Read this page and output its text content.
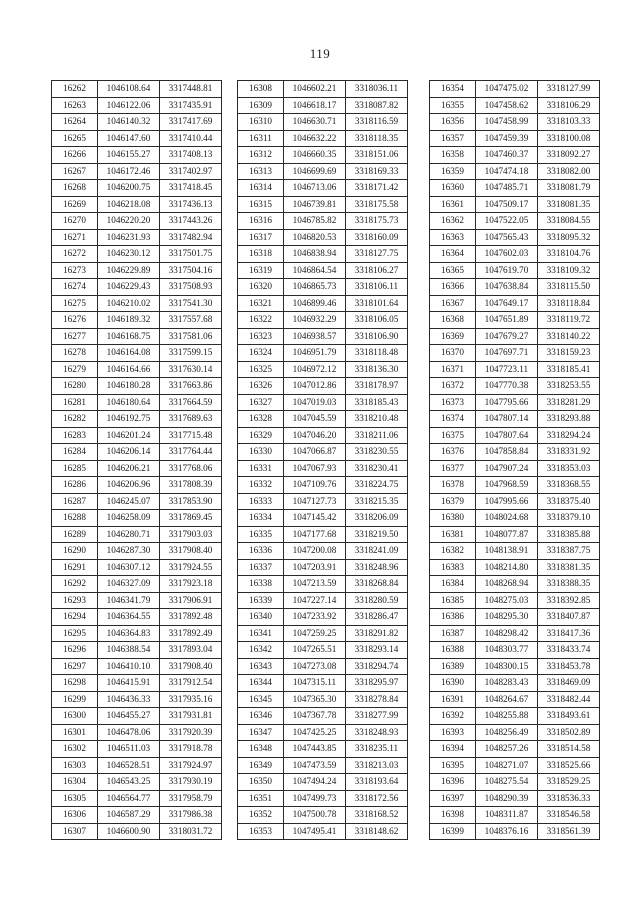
119
16262	1046108.64	3317448.81
16263	1046122.06	3317435.91
16264	1046140.32	3317417.69
16265	1046147.60	3317410.44
16266	1046155.27	3317408.13
16267	1046172.46	3317402.97
16268	1046200.75	3317418.45
16269	1046218.08	3317436.13
16270	1046220.20	3317443.26
16271	1046231.93	3317482.94
16272	1046230.12	3317501.75
16273	1046229.89	3317504.16
16274	1046229.43	3317508.93
16275	1046210.02	3317541.30
16276	1046189.32	3317557.68
16277	1046168.75	3317581.06
16278	1046164.08	3317599.15
16279	1046164.66	3317630.14
16280	1046180.28	3317663.86
16281	1046180.64	3317664.59
16282	1046192.75	3317689.63
16283	1046201.24	3317715.48
16284	1046206.14	3317764.44
16285	1046206.21	3317768.06
16286	1046206.96	3317808.39
16287	1046245.07	3317853.90
16288	1046258.09	3317869.45
16289	1046280.71	3317903.03
16290	1046287.30	3317908.40
16291	1046307.12	3317924.55
16292	1046327.09	3317923.18
16293	1046341.79	3317906.91
16294	1046364.55	3317892.48
16295	1046364.83	3317892.49
16296	1046388.54	3317893.04
16297	1046410.10	3317908.40
16298	1046415.91	3317912.54
16299	1046436.33	3317935.16
16300	1046455.27	3317931.81
16301	1046478.06	3317920.39
16302	1046511.03	3317918.78
16303	1046528.51	3317924.97
16304	1046543.25	3317930.19
16305	1046564.77	3317958.79
16306	1046587.29	3317986.38
16307	1046600.90	3318031.72
16308	1046602.21	3318036.11
16309	1046618.17	3318087.82
16310	1046630.71	3318116.59
16311	1046632.22	3318118.35
16312	1046660.35	3318151.06
16313	1046699.69	3318169.33
16314	1046713.06	3318171.42
16315	1046739.81	3318175.58
16316	1046785.82	3318175.73
16317	1046820.53	3318160.09
16318	1046838.94	3318127.75
16319	1046864.54	3318106.27
16320	1046865.73	3318106.11
16321	1046899.46	3318101.64
16322	1046932.29	3318106.05
16323	1046938.57	3318106.90
16324	1046951.79	3318118.48
16325	1046972.12	3318136.30
16326	1047012.86	3318178.97
16327	1047019.03	3318185.43
16328	1047045.59	3318210.48
16329	1047046.20	3318211.06
16330	1047066.87	3318230.55
16331	1047067.93	3318230.41
16332	1047109.76	3318224.75
16333	1047127.73	3318215.35
16334	1047145.42	3318206.09
16335	1047177.68	3318219.50
16336	1047200.08	3318241.09
16337	1047203.91	3318248.96
16338	1047213.59	3318268.84
16339	1047227.14	3318280.59
16340	1047233.92	3318286.47
16341	1047259.25	3318291.82
16342	1047265.51	3318293.14
16343	1047273.08	3318294.74
16344	1047315.11	3318295.97
16345	1047365.30	3318278.84
16346	1047367.78	3318277.99
16347	1047425.25	3318248.93
16348	1047443.85	3318235.11
16349	1047473.59	3318213.03
16350	1047494.24	3318193.64
16351	1047499.73	3318172.56
16352	1047500.78	3318168.52
16353	1047495.41	3318148.62
16354	1047475.02	3318127.99
16355	1047458.62	3318106.29
16356	1047458.99	3318103.33
16357	1047459.39	3318100.08
16358	1047460.37	3318092.27
16359	1047474.18	3318082.00
16360	1047485.71	3318081.79
16361	1047509.17	3318081.35
16362	1047522.05	3318084.55
16363	1047565.43	3318095.32
16364	1047602.03	3318104.76
16365	1047619.70	3318109.32
16366	1047638.84	3318115.50
16367	1047649.17	3318118.84
16368	1047651.89	3318119.72
16369	1047679.27	3318140.22
16370	1047697.71	3318159.23
16371	1047723.11	3318185.41
16372	1047770.38	3318253.55
16373	1047795.66	3318281.29
16374	1047807.14	3318293.88
16375	1047807.64	3318294.24
16376	1047858.84	3318331.92
16377	1047907.24	3318353.03
16378	1047968.59	3318368.55
16379	1047995.66	3318375.40
16380	1048024.68	3318379.10
16381	1048077.87	3318385.88
16382	1048138.91	3318387.75
16383	1048214.80	3318381.35
16384	1048268.94	3318388.35
16385	1048275.03	3318392.85
16386	1048295.30	3318407.87
16387	1048298.42	3318417.36
16388	1048303.77	3318433.74
16389	1048300.15	3318453.78
16390	1048283.43	3318469.09
16391	1048264.67	3318482.44
16392	1048255.88	3318493.61
16393	1048256.49	3318502.89
16394	1048257.26	3318514.58
16395	1048271.07	3318525.66
16396	1048275.54	3318529.25
16397	1048290.39	3318536.33
16398	1048311.87	3318546.58
16399	1048376.16	3318561.39
